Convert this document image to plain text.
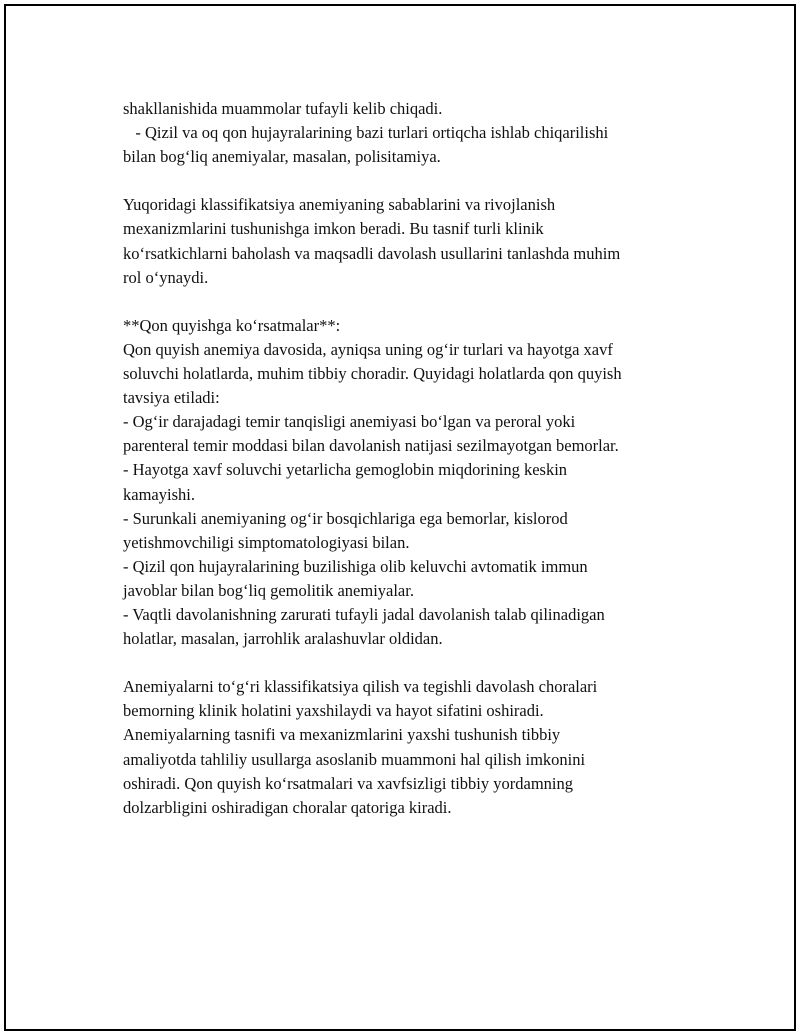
shakllanishida muammolar tufayli kelib chiqadi.
- Qizil va oq qon hujayralarining bazi turlari ortiqcha ishlab chiqarilishi
bilan bog‘liq anemiyalar, masalan, polisitamiya.
Yuqoridagi klassifikatsiya anemiyaning sabablarini va rivojlanish
mexanizmlarini tushunishga imkon beradi. Bu tasnif turli klinik
ko‘rsatkichlarni baholash va maqsadli davolash usullarini tanlashda muhim
rol o‘ynaydi.
**Qon quyishga ko‘rsatmalar**:
Qon quyish anemiya davosida, ayniqsa uning og‘ir turlari va hayotga xavf
soluvchi holatlarda, muhim tibbiy choradir. Quyidagi holatlarda qon quyish
tavsiya etiladi:
- Og‘ir darajadagi temir tanqisligi anemiyasi bo‘lgan va peroral yoki
parenteral temir moddasi bilan davolanish natijasi sezilmayotgan bemorlar.
- Hayotga xavf soluvchi yetarlicha gemoglobin miqdorining keskin
kamayishi.
- Surunkali anemiyaning og‘ir bosqichlariga ega bemorlar, kislorod
yetishmovchiligi simptomatologiyasi bilan.
- Qizil qon hujayralarining buzilishiga olib keluvchi avtomatik immun
javoblar bilan bog‘liq gemolitik anemiyalar.
- Vaqtli davolanishning zarurati tufayli jadal davolanish talab qilinadigan
holatlar, masalan, jarrohlik aralashuvlar oldidan.
Anemiyalarni to‘g‘ri klassifikatsiya qilish va tegishli davolash choralari
bemorning klinik holatini yaxshilaydi va hayot sifatini oshiradi.
Anemiyalarning tasnifi va mexanizmlarini yaxshi tushunish tibbiy
amaliyotda tahliliy usullarga asoslanib muammoni hal qilish imkonini
oshiradi. Qon quyish ko‘rsatmalari va xavfsizligi tibbiy yordamning
dolzarbligini oshiradigan choralar qatoriga kiradi.
